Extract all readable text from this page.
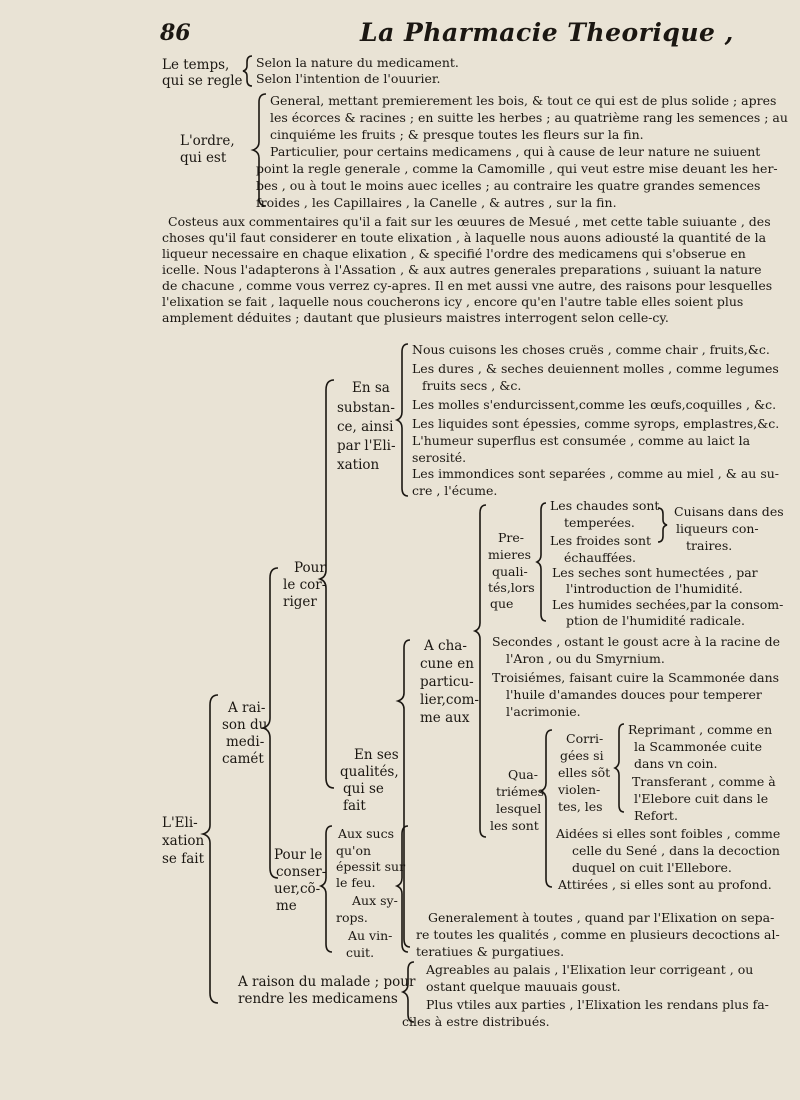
86	La Pharmacie Theorique ,
Le temps,
qui se regle
Selon la nature du medicament.
Selon l'intention de l'ouurier.
L'ordre,
qui est
General, mettant premierement les bois, & tout ce qui est de plus solide ; apres
les écorces & racines ; en suitte les herbes ; au quatrième rang les semences ; au
cinquiéme les fruits ; & presque toutes les fleurs sur la fin.
Particulier, pour certains medicamens , qui à cause de leur nature ne suiuent
point la regle generale , comme la Camomille , qui veut estre mise deuant les her-
bes , ou à tout le moins auec icelles ; au contraire les quatre grandes semences
froides , les Capillaires , la Canelle , & autres , sur la fin.
Costeus aux commentaires qu'il a fait sur les œuures de Mesué , met cette table suiuante , des
choses qu'il faut considerer en toute elixation , à laquelle nous auons adiousté la quantité de la
liqueur necessaire en chaque elixation , & specifié l'ordre des medicamens qui s'obserue en
icelle. Nous l'adapterons à l'Assation , & aux autres generales preparations , suiuant la nature
de chacune , comme vous verrez cy-apres. Il en met aussi vne autre, des raisons pour lesquelles
l'elixation se fait , laquelle nous coucherons icy , encore qu'en l'autre table elles soient plus
amplement déduites ; dautant que plusieurs maistres interrogent selon celle-cy.
L'Eli-
xation
se fait
A rai-
son du
medi-
camét
Pour
le cor-
riger
En sa
substan-
ce, ainsi
par l'Eli-
xation
Nous cuisons les choses cruës , comme chair , fruits,&c.
Les dures , & seches deuiennent molles , comme legumes
fruits secs , &c.
Les molles s'endurcissent,comme les œufs,coquilles , &c.
Les liquides sont épessies, comme syrops, emplastres,&c.
L'humeur superflus est consumée , comme au laict la
serosité.
Les immondices sont separées , comme au miel , & au su-
cre , l'écume.
En ses
qualités,
qui se
fait
A cha-
cune en
particu-
lier,com-
me aux
Pre-
mieres
quali-
tés,lors
que
Les chaudes sont
temperées.
Les froides sont
échauffées.
Cuisans dans des
liqueurs con-
traires.
Les seches sont humectées , par
l'introduction de l'humidité.
Les humides sechées,par la consom-
ption de l'humidité radicale.
Secondes , ostant le goust acre à la racine de
l'Aron , ou du Smyrnium.
Troisiémes, faisant cuire la Scammonée dans
l'huile d'amandes douces pour temperer
l'acrimonie.
Qua-
triémes
lesquel
les sont
Corri-
gées si
elles sõt
violen-
tes, les
Reprimant , comme en
la Scammonée cuite
dans vn coin.
Transferant , comme à
l'Elebore cuit dans le
Refort.
Aidées si elles sont foibles , comme
celle du Sené , dans la decoction
duquel on cuit l'Ellebore.
Attirées , si elles sont au profond.
Pour le
conser-
uer,cõ-
me
Aux sucs
qu'on
épessit sur
le feu.
Aux sy-
rops.
Au vin-
cuit.
Generalement à toutes , quand par l'Elixation on sepa-
re toutes les qualités , comme en plusieurs decoctions al-
teratiues & purgatiues.
A raison du malade ; pour
rendre les medicamens
Agreables au palais , l'Elixation leur corrigeant , ou
ostant quelque mauuais goust.
Plus vtiles aux parties , l'Elixation les rendans plus fa-
ciles à estre distribués.
